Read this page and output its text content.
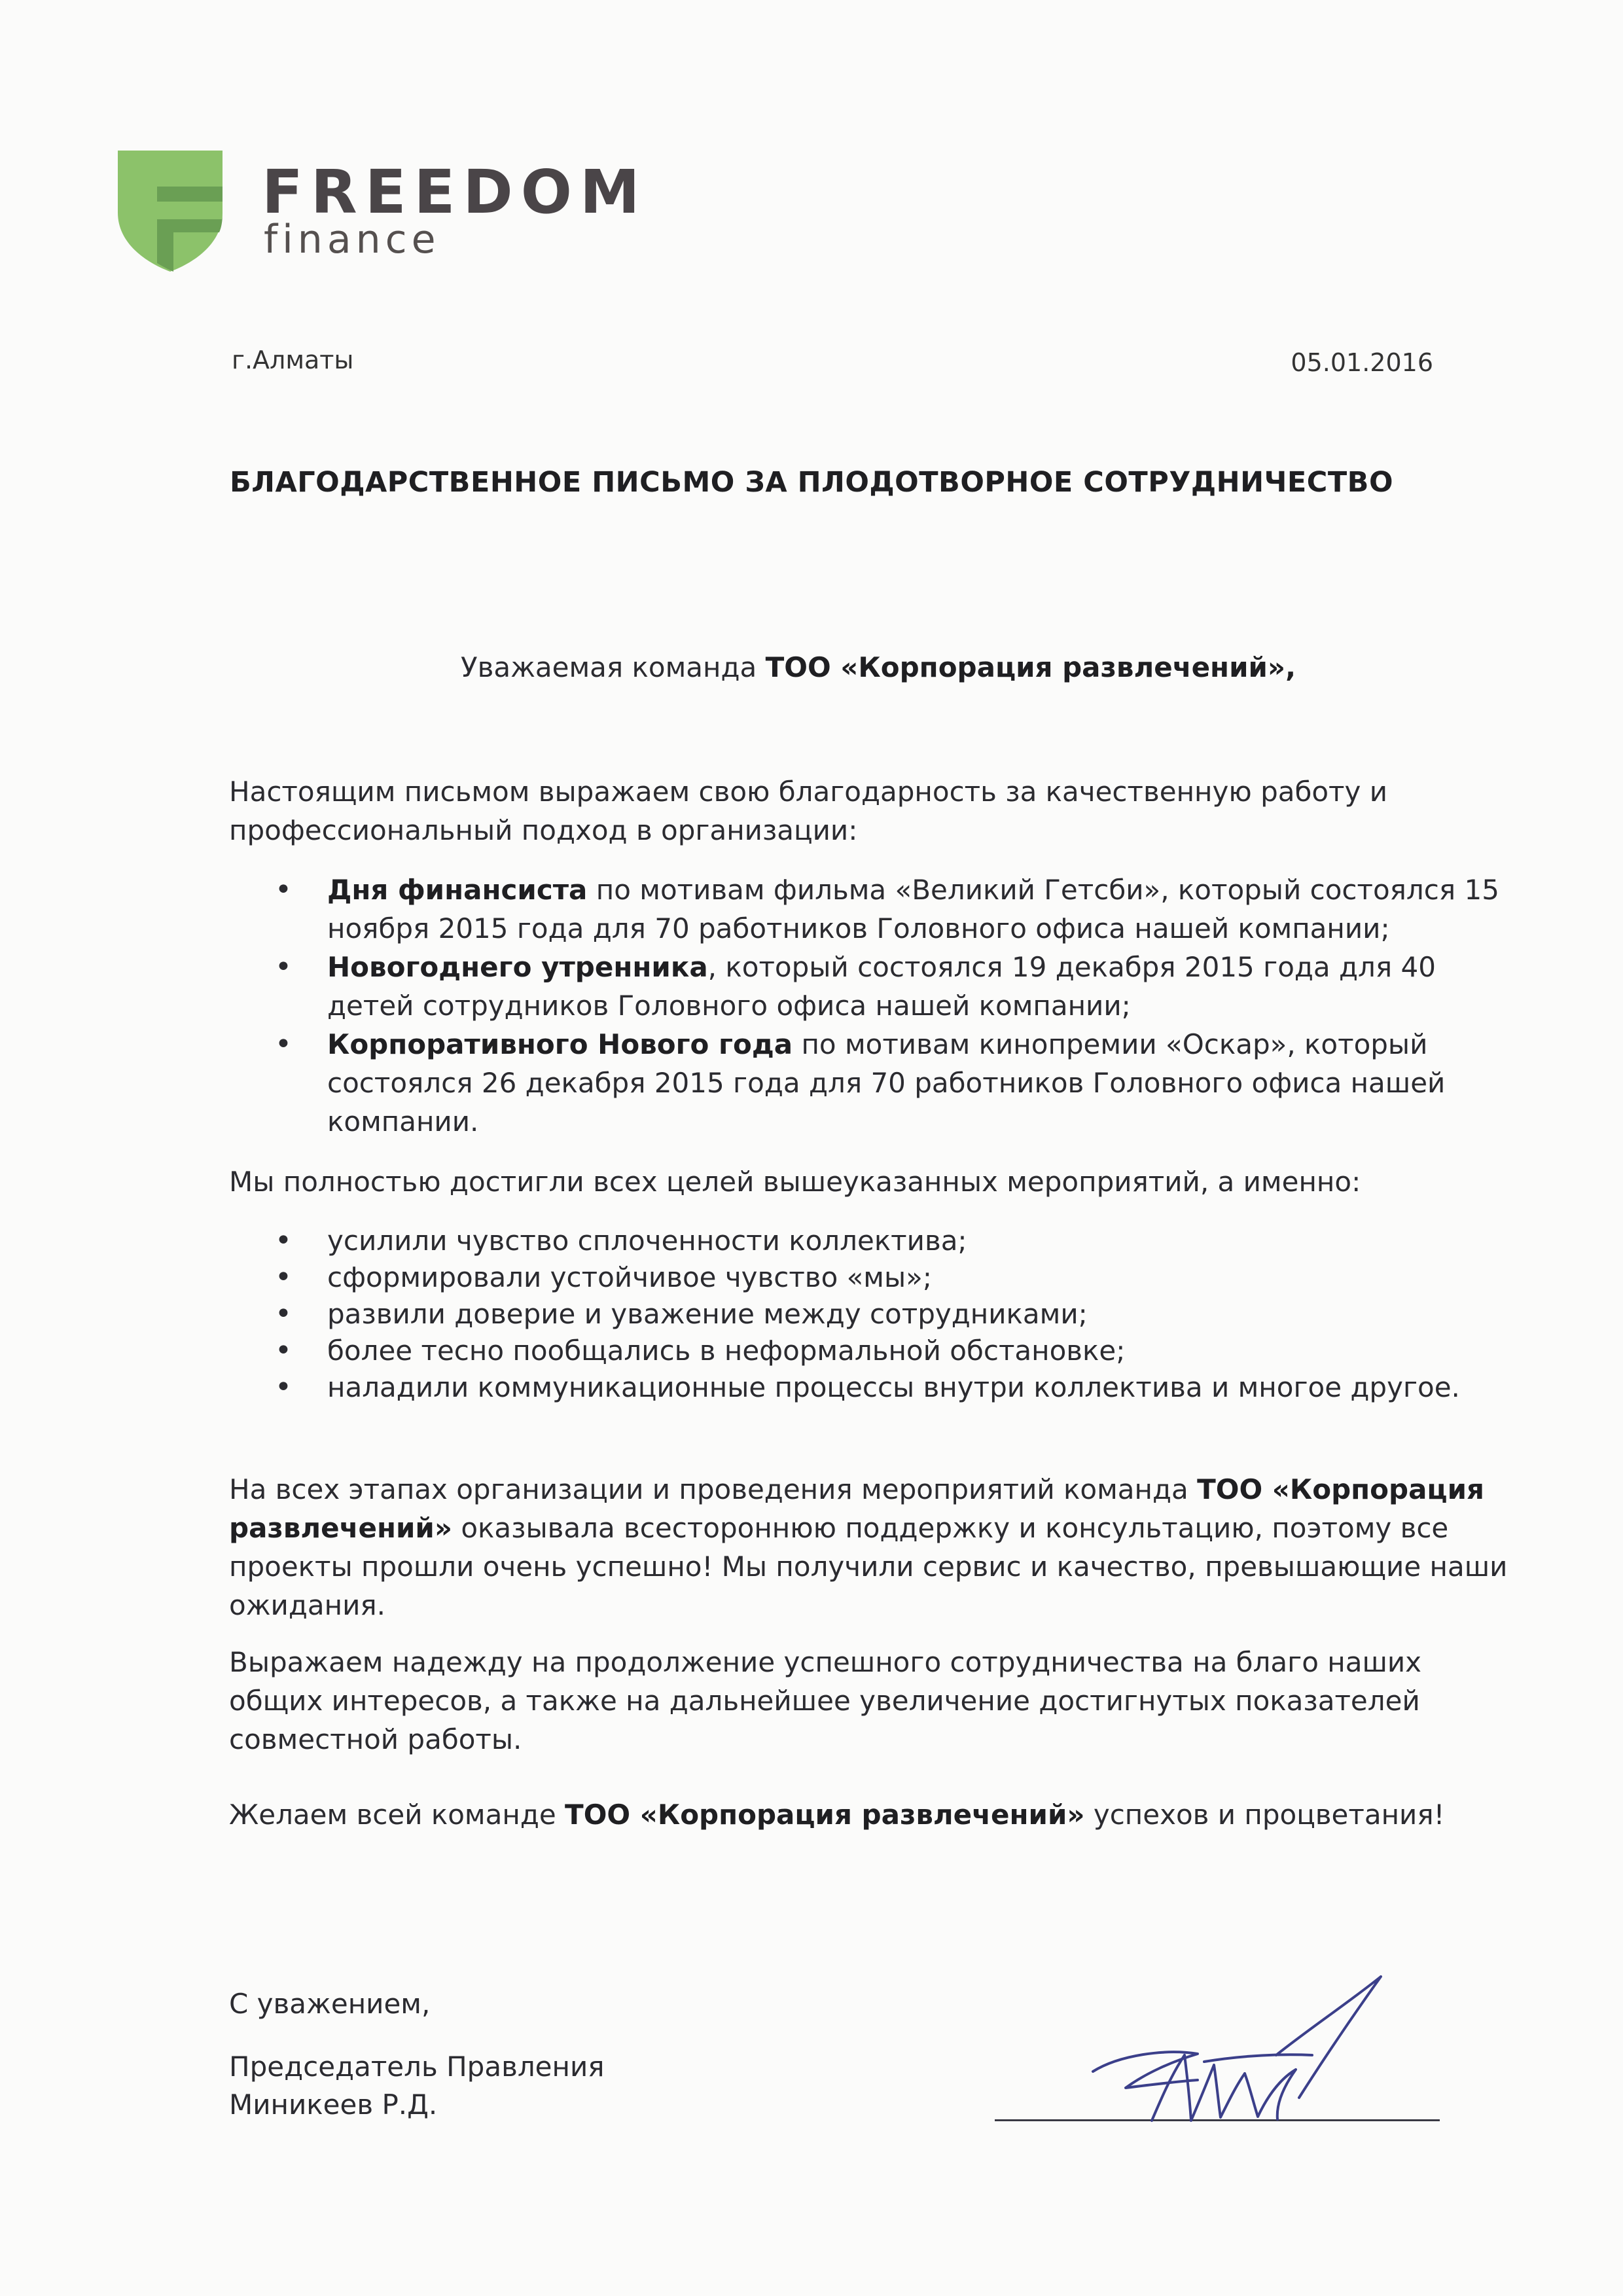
FREEDOM
finance
г.Алматы	05.01.2016
БЛАГОДАРСТВЕННОЕ ПИСЬМО ЗА ПЛОДОТВОРНОЕ СОТРУДНИЧЕСТВО
Уважаемая команда ТОО «Корпорация развлечений»,
Настоящим письмом выражаем свою благодарность за качественную работу и профессиональный подход в организации:
• Дня финансиста по мотивам фильма «Великий Гетсби», который состоялся 15 ноября 2015 года для 70 работников Головного офиса нашей компании;
• Новогоднего утренника, который состоялся 19 декабря 2015 года для 40 детей сотрудников Головного офиса нашей компании;
• Корпоративного Нового года по мотивам кинопремии «Оскар», который состоялся 26 декабря 2015 года для 70 работников Головного офиса нашей компании.
Мы полностью достигли всех целей вышеуказанных мероприятий, а именно:
• усилили чувство сплоченности коллектива;
• сформировали устойчивое чувство «мы»;
• развили доверие и уважение между сотрудниками;
• более тесно пообщались в неформальной обстановке;
• наладили коммуникационные процессы внутри коллектива и многое другое.
На всех этапах организации и проведения мероприятий команда ТОО «Корпорация развлечений» оказывала всестороннюю поддержку и консультацию, поэтому все проекты прошли очень успешно! Мы получили сервис и качество, превышающие наши ожидания.
Выражаем надежду на продолжение успешного сотрудничества на благо наших общих интересов, а также на дальнейшее увеличение достигнутых показателей совместной работы.
Желаем всей команде ТОО «Корпорация развлечений» успехов и процветания!
С уважением,
Председатель Правления
Миникеев Р.Д.
